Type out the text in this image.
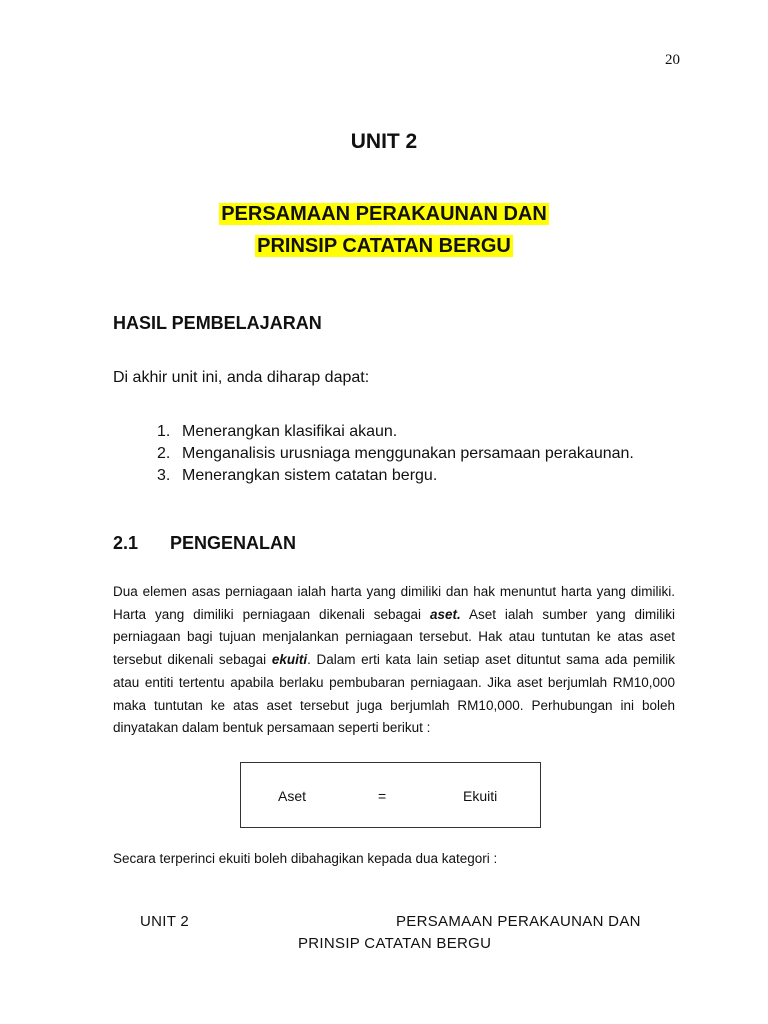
20
UNIT 2
PERSAMAAN PERAKAUNAN DAN
PRINSIP CATATAN BERGU
HASIL PEMBELAJARAN
Di akhir unit ini, anda diharap dapat:
1. Menerangkan klasifikai akaun.
2. Menganalisis urusniaga menggunakan persamaan perakaunan.
3. Menerangkan sistem catatan bergu.
2.1 PENGENALAN
Dua elemen asas perniagaan ialah harta yang dimiliki dan hak menuntut harta yang dimiliki. Harta yang dimiliki perniagaan dikenali sebagai aset. Aset ialah sumber yang dimiliki perniagaan bagi tujuan menjalankan perniagaan tersebut. Hak atau tuntutan ke atas aset tersebut dikenali sebagai ekuiti. Dalam erti kata lain setiap aset dituntut sama ada pemilik atau entiti tertentu apabila berlaku pembubaran perniagaan. Jika aset berjumlah RM10,000 maka tuntutan ke atas aset tersebut juga berjumlah RM10,000. Perhubungan ini boleh dinyatakan dalam bentuk persamaan seperti berikut :
Aset	=	Ekuiti
Secara terperinci ekuiti boleh dibahagikan kepada dua kategori :
UNIT 2	PERSAMAAN PERAKAUNAN DAN
PRINSIP CATATAN BERGU
